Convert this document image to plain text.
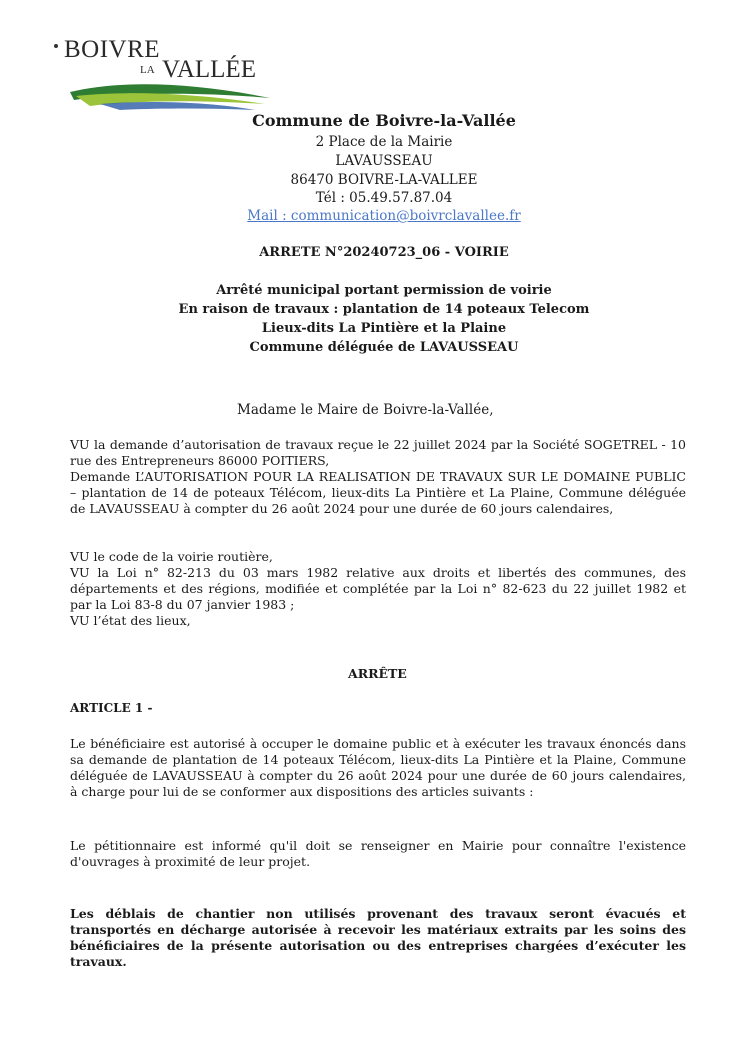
BOIVRE
LA VALLÉE
Commune de Boivre-la-Vallée
2 Place de la Mairie
LAVAUSSEAU
86470 BOIVRE-LA-VALLEE
Tél : 05.49.57.87.04
Mail : communication@boivrclavallee.fr
ARRETE N°20240723_06 - VOIRIE
Arrêté municipal portant permission de voirie
En raison de travaux : plantation de 14 poteaux Telecom
Lieux-dits La Pintière et la Plaine
Commune déléguée de LAVAUSSEAU
Madame le Maire de Boivre-la-Vallée,
VU la demande d’autorisation de travaux reçue le 22 juillet 2024 par la Société SOGETREL - 10 rue des Entrepreneurs 86000 POITIERS,
Demande L’AUTORISATION POUR LA REALISATION DE TRAVAUX SUR LE DOMAINE PUBLIC – plantation de 14 de poteaux Télécom, lieux-dits La Pintière et La Plaine, Commune déléguée de LAVAUSSEAU à compter du 26 août 2024 pour une durée de 60 jours calendaires,
VU le code de la voirie routière,
VU la Loi n° 82-213 du 03 mars 1982 relative aux droits et libertés des communes, des départements et des régions, modifiée et complétée par la Loi n° 82-623 du 22 juillet 1982 et par la Loi 83-8 du 07 janvier 1983 ;
VU l’état des lieux,
ARRÊTE
ARTICLE 1 -
Le bénéficiaire est autorisé à occuper le domaine public et à exécuter les travaux énoncés dans sa demande de plantation de 14 poteaux Télécom, lieux-dits La Pintière et la Plaine, Commune déléguée de LAVAUSSEAU à compter du 26 août 2024 pour une durée de 60 jours calendaires, à charge pour lui de se conformer aux dispositions des articles suivants :
Le pétitionnaire est informé qu'il doit se renseigner en Mairie pour connaître l'existence d'ouvrages à proximité de leur projet.
Les déblais de chantier non utilisés provenant des travaux seront évacués et transportés en décharge autorisée à recevoir les matériaux extraits par les soins des bénéficiaires de la présente autorisation ou des entreprises chargées d’exécuter les travaux.
